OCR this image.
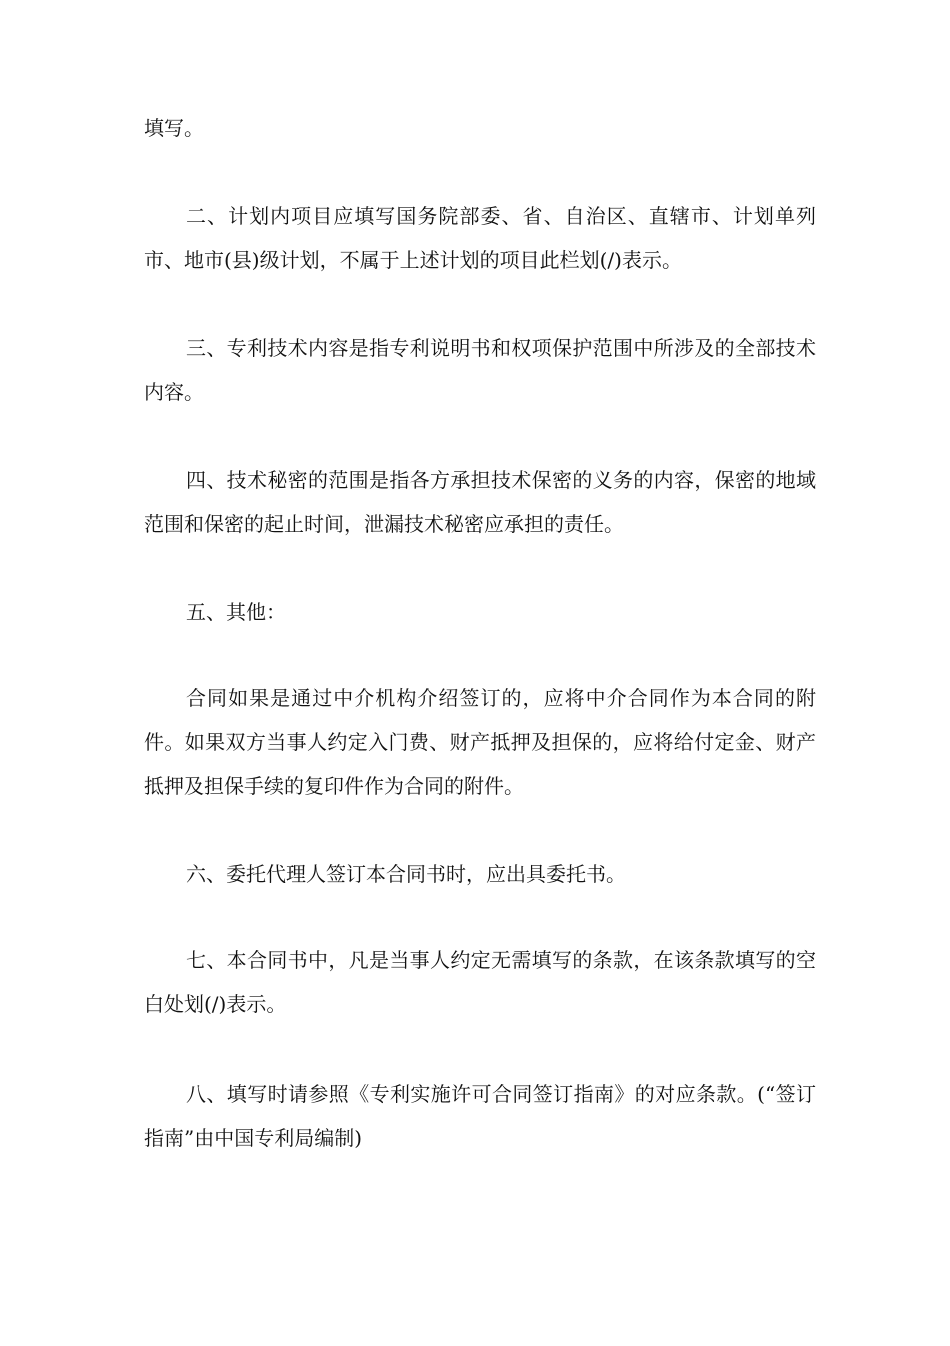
填写。

二、计划内项目应填写国务院部委、省、自治区、直辖市、计划单列市、地市(县)级计划，不属于上述计划的项目此栏划(/)表示。

三、专利技术内容是指专利说明书和权项保护范围中所涉及的全部技术内容。

四、技术秘密的范围是指各方承担技术保密的义务的内容，保密的地域范围和保密的起止时间，泄漏技术秘密应承担的责任。

五、其他：

合同如果是通过中介机构介绍签订的，应将中介合同作为本合同的附件。如果双方当事人约定入门费、财产抵押及担保的，应将给付定金、财产抵押及担保手续的复印件作为合同的附件。

六、委托代理人签订本合同书时，应出具委托书。

七、本合同书中，凡是当事人约定无需填写的条款，在该条款填写的空白处划(/)表示。

八、填写时请参照《专利实施许可合同签订指南》的对应条款。(“签订指南”由中国专利局编制)
